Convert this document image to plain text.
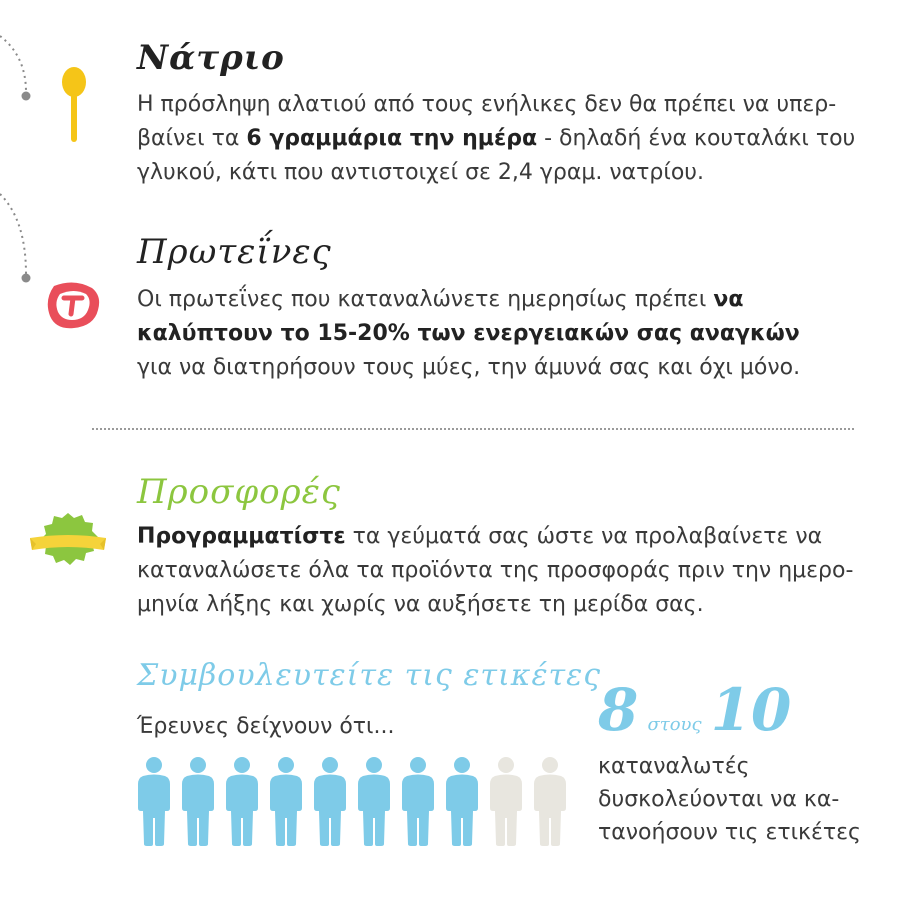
Νάτριο
Η πρόσληψη αλατιού από τους ενήλικες δεν θα πρέπει να υπερ-
βαίνει τα 6 γραμμάρια την ημέρα - δηλαδή ένα κουταλάκι του
γλυκού, κάτι που αντιστοιχεί σε 2,4 γραμ. νατρίου.
Πρωτεΐνες
Οι πρωτεΐνες που καταναλώνετε ημερησίως πρέπει να
καλύπτουν το 15-20% των ενεργειακών σας αναγκών
για να διατηρήσουν τους μύες, την άμυνά σας και όχι μόνο.
Προσφορές
Προγραμματίστε τα γεύματά σας ώστε να προλαβαίνετε να
καταναλώσετε όλα τα προϊόντα της προσφοράς πριν την ημερο-
μηνία λήξης και χωρίς να αυξήσετε τη μερίδα σας.
Συμβουλευτείτε τις ετικέτες
Έρευνες δείχνουν ότι...	8 στους 10
καταναλωτές
δυσκολεύονται να κα-
τανοήσουν τις ετικέτες
